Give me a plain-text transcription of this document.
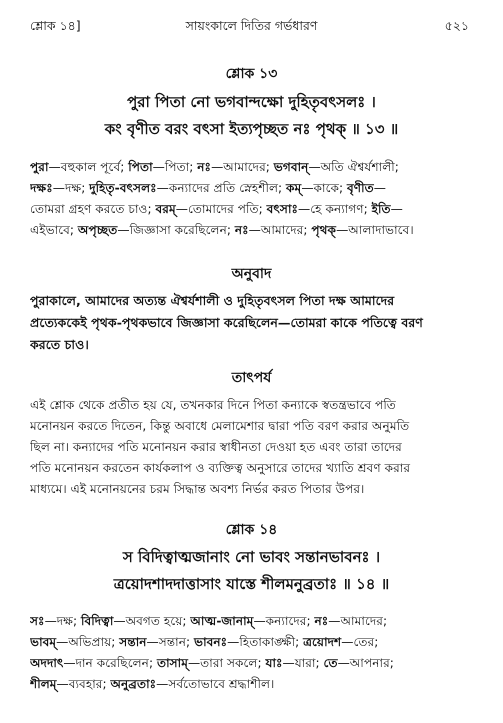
শ্লোক ১৪]	সায়ংকালে দিতির গর্ভধারণ	৫২১
শ্লোক ১৩
পুরা পিতা নো ভগবান্দক্ষো দুহিতৃবৎসলঃ ।
কং বৃণীত বরং বৎসা ইত্যপৃচ্ছত নঃ পৃথক্ ॥ ১৩ ॥
পুরা—বহুকাল পূর্বে; পিতা—পিতা; নঃ—আমাদের; ভগবান্—অতি ঐশ্বর্যশালী;
দক্ষঃ—দক্ষ; দুহিতৃ-বৎসলঃ—কন্যাদের প্রতি স্নেহশীল; কম্—কাকে; বৃণীত—
তোমরা গ্রহণ করতে চাও; বরম্—তোমাদের পতি; বৎসাঃ—হে কন্যাগণ; ইতি—
এইভাবে; অপৃচ্ছত—জিজ্ঞাসা করেছিলেন; নঃ—আমাদের; পৃথক্—আলাদাভাবে।
অনুবাদ
পুরাকালে, আমাদের অত্যন্ত ঐশ্বর্যশালী ও দুহিতৃবৎসল পিতা দক্ষ আমাদের
প্রত্যেককেই পৃথক-পৃথকভাবে জিজ্ঞাসা করেছিলেন—তোমরা কাকে পতিত্বে বরণ
করতে চাও।
তাৎপর্য
এই শ্লোক থেকে প্রতীত হয় যে, তখনকার দিনে পিতা কন্যাকে স্বতন্ত্রভাবে পতি
মনোনয়ন করতে দিতেন, কিন্তু অবাধে মেলামেশার দ্বারা পতি বরণ করার অনুমতি
ছিল না। কন্যাদের পতি মনোনয়ন করার স্বাধীনতা দেওয়া হত এবং তারা তাদের
পতি মনোনয়ন করতেন কার্যকলাপ ও ব্যক্তিত্ব অনুসারে তাদের খ্যাতি শ্রবণ করার
মাধ্যমে। এই মনোনয়নের চরম সিদ্ধান্ত অবশ্য নির্ভর করত পিতার উপর।
শ্লোক ১৪
স বিদিত্বাত্মজানাং নো ভাবং সন্তানভাবনঃ ।
ত্রয়োদশাদদাত্তাসাং যাস্তে শীলমনুব্রতাঃ ॥ ১৪ ॥
সঃ—দক্ষ; বিদিত্বা—অবগত হয়ে; আত্ম-জানাম্—কন্যাদের; নঃ—আমাদের;
ভাবম্—অভিপ্রায়; সন্তান—সন্তান; ভাবনঃ—হিতাকাঙ্ক্ষী; ত্রয়োদশ—তের;
অদদাৎ—দান করেছিলেন; তাসাম্—তারা সকলে; যাঃ—যারা; তে—আপনার;
শীলম্—ব্যবহার; অনুব্রতাঃ—সর্বতোভাবে শ্রদ্ধাশীল।
